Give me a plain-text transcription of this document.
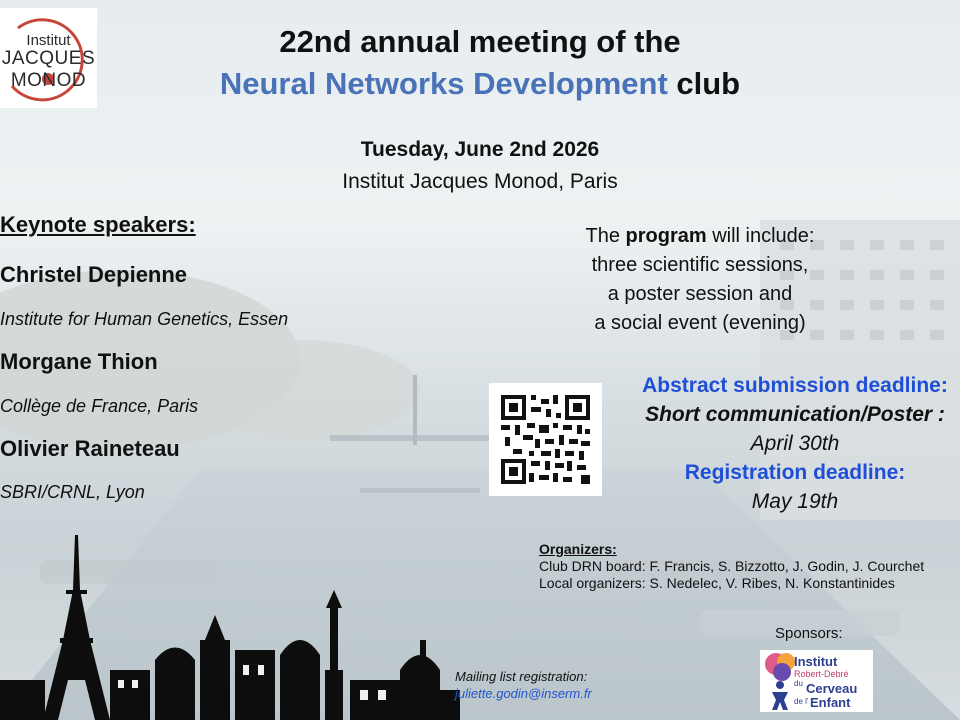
Institut
JACQUES
MONOD
22nd annual meeting of the
Neural Networks Development club
Tuesday, June 2nd 2026
Institut Jacques Monod, Paris
Keynote speakers:
Christel Depienne
Institute for Human Genetics, Essen
Morgane Thion
Collège de France, Paris
Olivier Raineteau
SBRI/CRNL, Lyon
The program will include:
three scientific sessions,
a poster session and
a social event (evening)
Abstract submission deadline:
Short communication/Poster :
April 30th
Registration deadline:
May 19th
Organizers:
Club DRN board: F. Francis, S. Bizzotto, J. Godin, J. Courchet
Local organizers: S. Nedelec, V. Ribes, N. Konstantinides
Mailing list registration:
juliette.godin@inserm.fr
Sponsors:
Institut
Robert-Debré
du Cerveau
de l' Enfant
